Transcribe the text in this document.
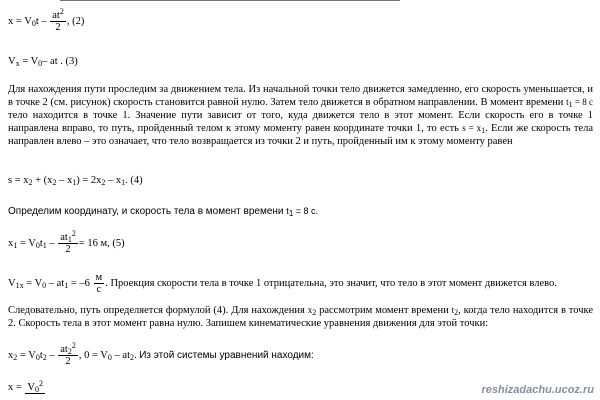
$x = V_0t - \frac{at^2}{2}$ , (2)
$V_x = V_0-$ at . (3)
Для нахождения пути проследим за движением тела. Из начальной точки тело движется замедленно, его скорость уменьшается, и в точке 2 (см. рисунок) скорость становится равной нулю. Затем тело движется в обратном направлении. В момент времени $t_1 = 8$ с тело находится в точке 1. Значение пути зависит от того, куда движется тело в этот момент. Если скорость его в точке 1 направлена вправо, то путь, пройденный телом к этому моменту равен координате точки 1, то есть $s = x_1$. Если же скорость тела направлен влево – это означает, что тело возвращается из точки 2 и путь, пройденный им к этому моменту равен
$s = x_2 + (x_2 - x_1) = 2x_2 - x_1$. (4)
Определим координату, и скорость тела в момент времени $t_1 = 8$ с.
$x_1 = V_0t_1 - \frac{at_1^2}{2} = 16$ м, (5)
$V_{1x} = V_0 - at_1 = -6 \frac{м}{с}$ . Проекция скорости тела в точке 1 отрицательна, это значит, что тело в этот момент движется влево.
Следовательно, путь определяется формулой (4). Для нахождения $x_2$ рассмотрим момент времени $t_2$, когда тело находится в точке 2. Скорость тела в этот момент равна нулю. Запишем кинематические уравнения движения для этой точки:
$x_2 = V_0t_2 - \frac{at_2^2}{2}$ , $0 = V_0 - at_2$. Из этой системы уравнений находим:
$x = V_0^2$
reshizadachu.ucoz.ru
